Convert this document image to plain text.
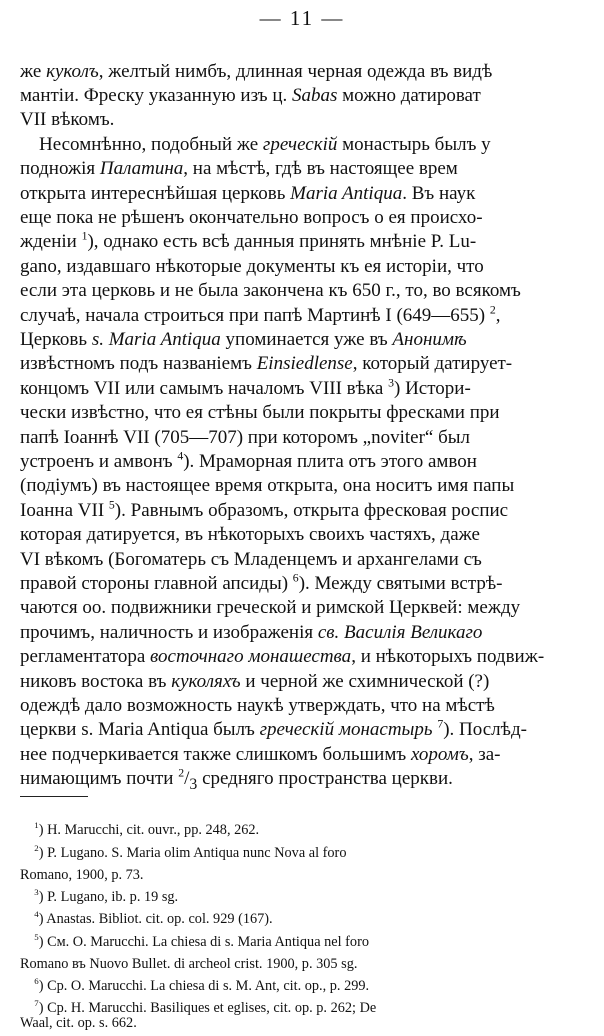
— 11 —
же куколъ, желтый нимбъ, длинная черная одежда въ видѣ
мантіи. Фреску указанную изъ ц. Sabas можно датироват
VII вѣкомъ.
Несомнѣнно, подобный же греческій монастырь былъ у
подножія Палатина, на мѣстѣ, гдѣ въ настоящее врем
открыта интереснѣйшая церковь Maria Antiqua. Въ наук
еще пока не рѣшенъ окончательно вопросъ о ея происхо-
жденіи $^1$), однако есть всѣ данныя принять мнѣніе P. Lu-
gano, издавшаго нѣкоторые документы къ ея исторіи, что
если эта церковь и не была закончена къ 650 г., то, во всякомъ
случаѣ, начала строиться при папѣ Мартинѣ I (649—655) $^2$,
Церковь s. Maria Antiqua упоминается уже въ Анонимѣ
извѣстномъ подъ названіемъ Einsiedlense, который датирует-
концомъ VII или самымъ началомъ VIII вѣка $^3$) Истори-
чески извѣстно, что ея стѣны были покрыты фресками при
папѣ Іоаннѣ VII (705—707) при которомъ „noviter“ был
устроенъ и амвонъ $^4$). Мраморная плита отъ этого амвон
(подіумъ) въ настоящее время открыта, она носитъ имя папы
Іоанна VII $^5$). Равнымъ образомъ, открыта фресковая роспис
которая датируется, въ нѣкоторыхъ своихъ частяхъ, даже
VI вѣкомъ (Богоматерь съ Младенцемъ и архангелами съ
правой стороны главной апсиды) $^6$). Между святыми встрѣ-
чаются оо. подвижники греческой и римской Церквей: между
прочимъ, наличность и изображенія св. Василія Великаго
регламентатора восточнаго монашества, и нѣкоторыхъ подвиж-
никовъ востока въ куколяхъ и черной же схимнической (?)
одеждѣ дало возможность наукѣ утверждать, что на мѣстѣ
церкви s. Maria Antiqua былъ греческій монастырь $^7$). Послѣд-
нее подчеркивается также слишкомъ большимъ хоромъ, за-
нимающимъ почти $^2/_3$ средняго пространства церкви.
$^1$) H. Marucchi, cit. ouvr., pp. 248, 262.
$^2$) P. Lugano. S. Maria olim Antiqua nunc Nova al foro
Romano, 1900, p. 73.
$^3$) P. Lugano, ib. p. 19 sg.
$^4$) Anastas. Bibliot. cit. op. col. 929 (167).
$^5$) См. O. Marucchi. La chiesa di s. Maria Antiqua nel foro
Romano въ Nuovo Bullet. di archeol crist. 1900, p. 305 sg.
$^6$) Cp. O. Marucchi. La chiesa di s. M. Ant, cit. op., p. 299.
$^7$) Cp. H. Marucchi. Basiliques et eglises, cit. op. p. 262; De
Waal, cit. op. s. 662.
